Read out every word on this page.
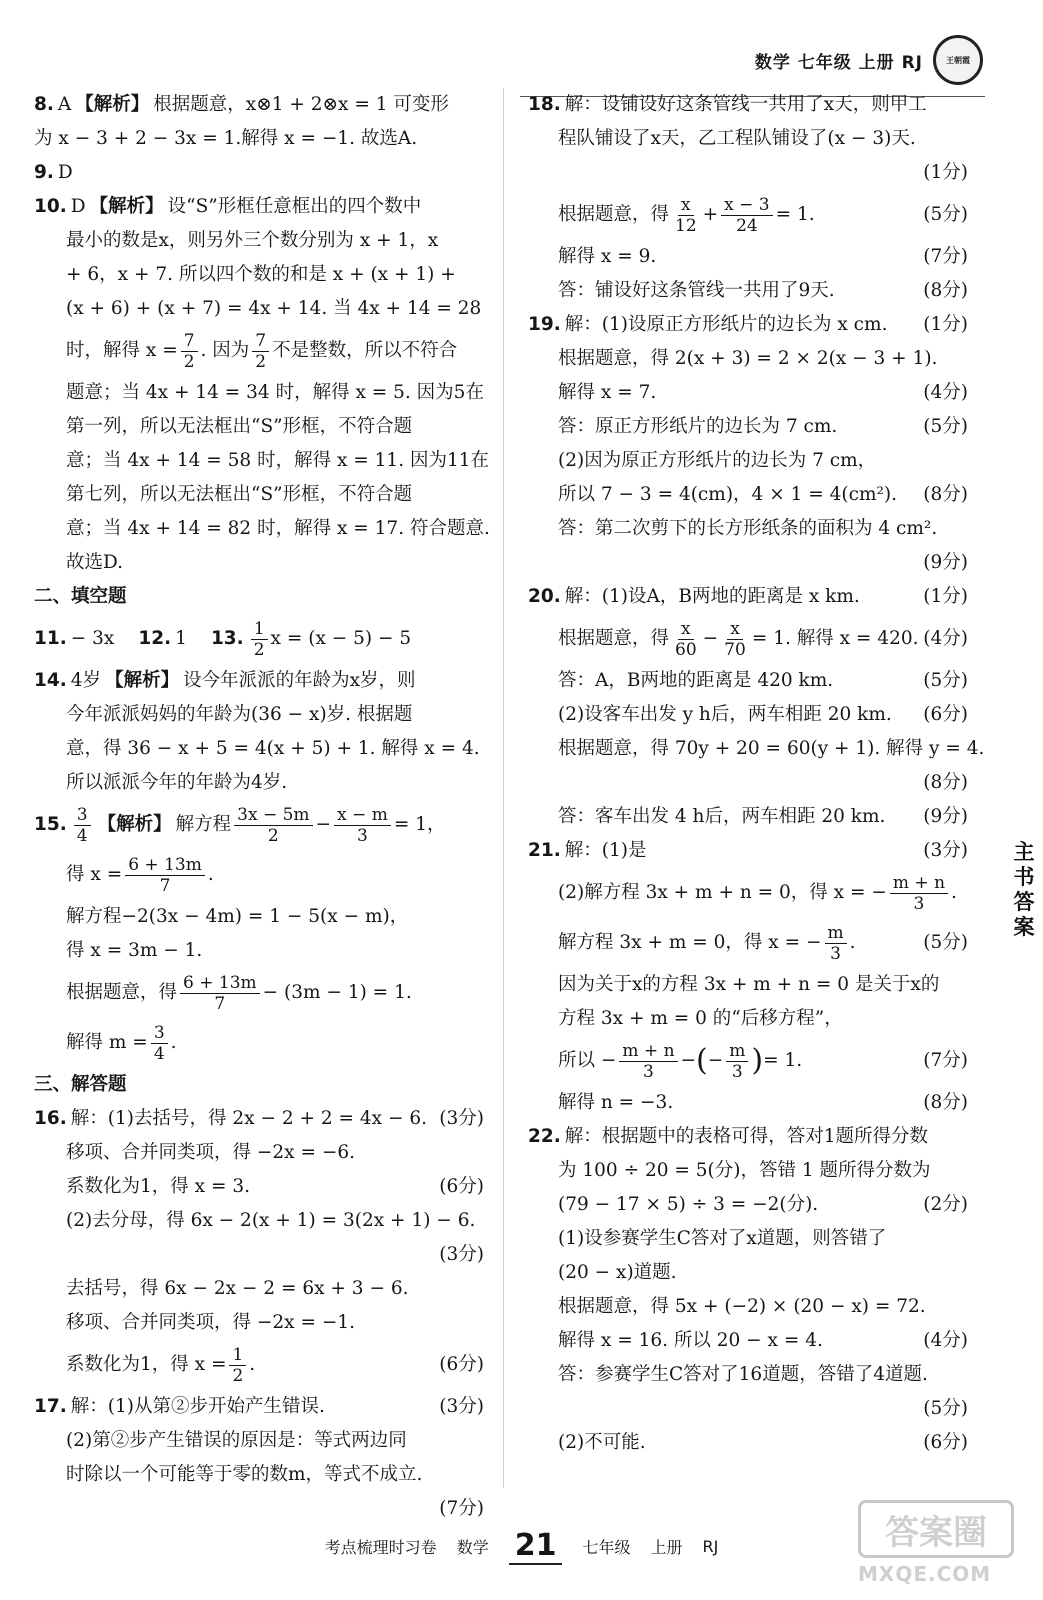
数学 七年级 上册 RJ	王朝霞
8. A 【解析】 根据题意，x⊗1 + 2⊗x = 1 可变形
为 x − 3 + 2 − 3x = 1.解得 x = −1. 故选A.
9. D
10. D 【解析】 设“S”形框任意框出的四个数中
最小的数是x，则另外三个数分别为 x + 1，x
+ 6，x + 7. 所以四个数的和是 x + (x + 1) +
(x + 6) + (x + 7) = 4x + 14. 当 4x + 14 = 28
时，解得 $x = \frac{7}{2}$ . 因为 $\frac{7}{2}$ 不是整数，所以不符合
题意；当 4x + 14 = 34 时，解得 x = 5. 因为5在
第一列，所以无法框出“S”形框，不符合题
意；当 4x + 14 = 58 时，解得 x = 11. 因为11在
第七列，所以无法框出“S”形框，不符合题
意；当 4x + 14 = 82 时，解得 x = 17. 符合题意.
故选D.
二、填空题
11. − 3x 12. 1 13. $\frac{1}{2}$ x = (x − 5) − 5
14. 4岁 【解析】 设今年派派的年龄为x岁，则
今年派派妈妈的年龄为(36 − x)岁. 根据题
意，得 36 − x + 5 = 4(x + 5) + 1. 解得 x = 4.
所以派派今年的年龄为4岁.
15. $\frac{3}{4}$ 【解析】 解方程 $\frac{3x - 5m}{2} - \frac{x - m}{3} = 1$，
得 $x = \frac{6 + 13m}{7}$ .
解方程−2(3x − 4m) = 1 − 5(x − m)，
得 x = 3m − 1.
根据题意，得 $\frac{6 + 13m}{7} - (3m - 1) = 1$.
解得 $m = \frac{3}{4}$ .
三、解答题
16. 解：(1)去括号，得 2x − 2 + 2 = 4x − 6. (3分)
移项、合并同类项，得 −2x = −6.
系数化为1，得 x = 3.	(6分)
(2)去分母，得 6x − 2(x + 1) = 3(2x + 1) − 6.
(3分)
去括号，得 6x − 2x − 2 = 6x + 3 − 6.
移项、合并同类项，得 −2x = −1.
系数化为1，得 $x = \frac{1}{2}$ .	(6分)
17. 解：(1)从第②步开始产生错误.	(3分)
(2)第②步产生错误的原因是：等式两边同
时除以一个可能等于零的数m，等式不成立.
(7分)
18. 解：设铺设好这条管线一共用了x天，则甲工
程队铺设了x天，乙工程队铺设了(x − 3)天.
(1分)
根据题意，得 $\frac{x}{12} + \frac{x - 3}{24} = 1$.	(5分)
解得 x = 9.	(7分)
答：铺设好这条管线一共用了9天.	(8分)
19. 解：(1)设原正方形纸片的边长为 x cm. (1分)
根据题意，得 2(x + 3) = 2 × 2(x − 3 + 1).
解得 x = 7.	(4分)
答：原正方形纸片的边长为 7 cm.	(5分)
(2)因为原正方形纸片的边长为 7 cm，
所以 7 − 3 = 4(cm)，4 × 1 = 4(cm²). (8分)
答：第二次剪下的长方形纸条的面积为 4 cm².
(9分)
20. 解：(1)设A，B两地的距离是 x km.	(1分)
根据题意，得 $\frac{x}{60} - \frac{x}{70} = 1$. 解得 x = 420. (4分)
答：A，B两地的距离是 420 km.	(5分)
(2)设客车出发 y h后，两车相距 20 km. (6分)
根据题意，得 70y + 20 = 60(y + 1). 解得 y = 4.
(8分)
答：客车出发 4 h后，两车相距 20 km. (9分)
21. 解：(1)是	(3分)
(2)解方程 3x + m + n = 0，得 x = − $\frac{m + n}{3}$ .
解方程 3x + m = 0，得 x = − $\frac{m}{3}$ .	(5分)
因为关于x的方程 3x + m + n = 0 是关于x的
方程 3x + m = 0 的“后移方程”，
所以 − $\frac{m + n}{3}$ − ( − $\frac{m}{3}$ ) = 1.	(7分)
解得 n = −3.	(8分)
22. 解：根据题中的表格可得，答对1题所得分数
为 100 ÷ 20 = 5(分)，答错 1 题所得分数为
(79 − 17 × 5) ÷ 3 = −2(分).	(2分)
(1)设参赛学生C答对了x道题，则答错了
(20 − x)道题.
根据题意，得 5x + (−2) × (20 − x) = 72.
解得 x = 16. 所以 20 − x = 4.	(4分)
答：参赛学生C答对了16道题，答错了4道题.
(5分)
(2)不可能.	(6分)
主书答案
考点梳理时习卷 数学 21	七年级 上册 RJ	答案圈
MXQE.COM
